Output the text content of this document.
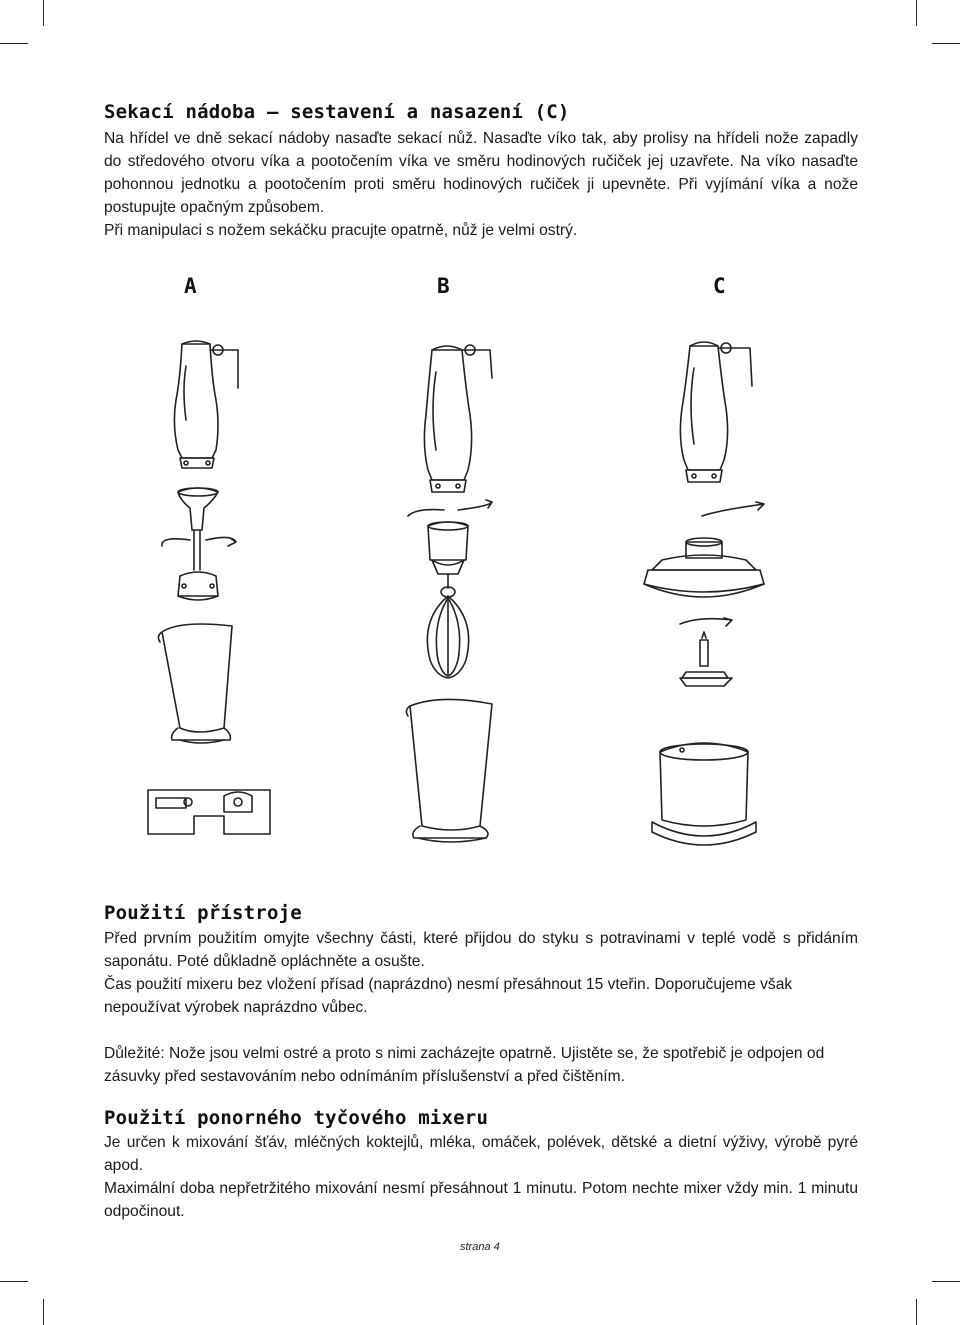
Sekací nádoba – sestavení a nasazení (C)

Na hřídel ve dně sekací nádoby nasaďte sekací nůž. Nasaďte víko tak, aby prolisy na hřídeli nože zapadly do středového otvoru víka a pootočením víka ve směru hodinových ručiček jej uzavřete. Na víko nasaďte pohonnou jednotku a pootočením proti směru hodinových ručiček ji upevněte. Při vyjímání víka a nože postupujte opačným způsobem.

Při manipulaci s nožem sekáčku pracujte opatrně, nůž je velmi ostrý.

A	B	C
Použití přístroje

Před prvním použitím omyjte všechny části, které přijdou do styku s potravinami v teplé vodě s přidáním saponátu. Poté důkladně opláchněte a osušte.

Čas použití mixeru bez vložení přísad (naprázdno) nesmí přesáhnout 15 vteřin. Doporučujeme však nepoužívat výrobek naprázdno vůbec.

Důležité: Nože jsou velmi ostré a proto s nimi zacházejte opatrně. Ujistěte se, že spotřebič je odpojen od zásuvky před sestavováním nebo odnímáním příslušenství a před čištěním.

Použití ponorného tyčového mixeru

Je určen k mixování šťáv, mléčných koktejlů, mléka, omáček, polévek, dětské a dietní výživy, výrobě pyré apod.

Maximální doba nepřetržitého mixování nesmí přesáhnout 1 minutu. Potom nechte mixer vždy min. 1 minutu odpočinout.

strana 4
